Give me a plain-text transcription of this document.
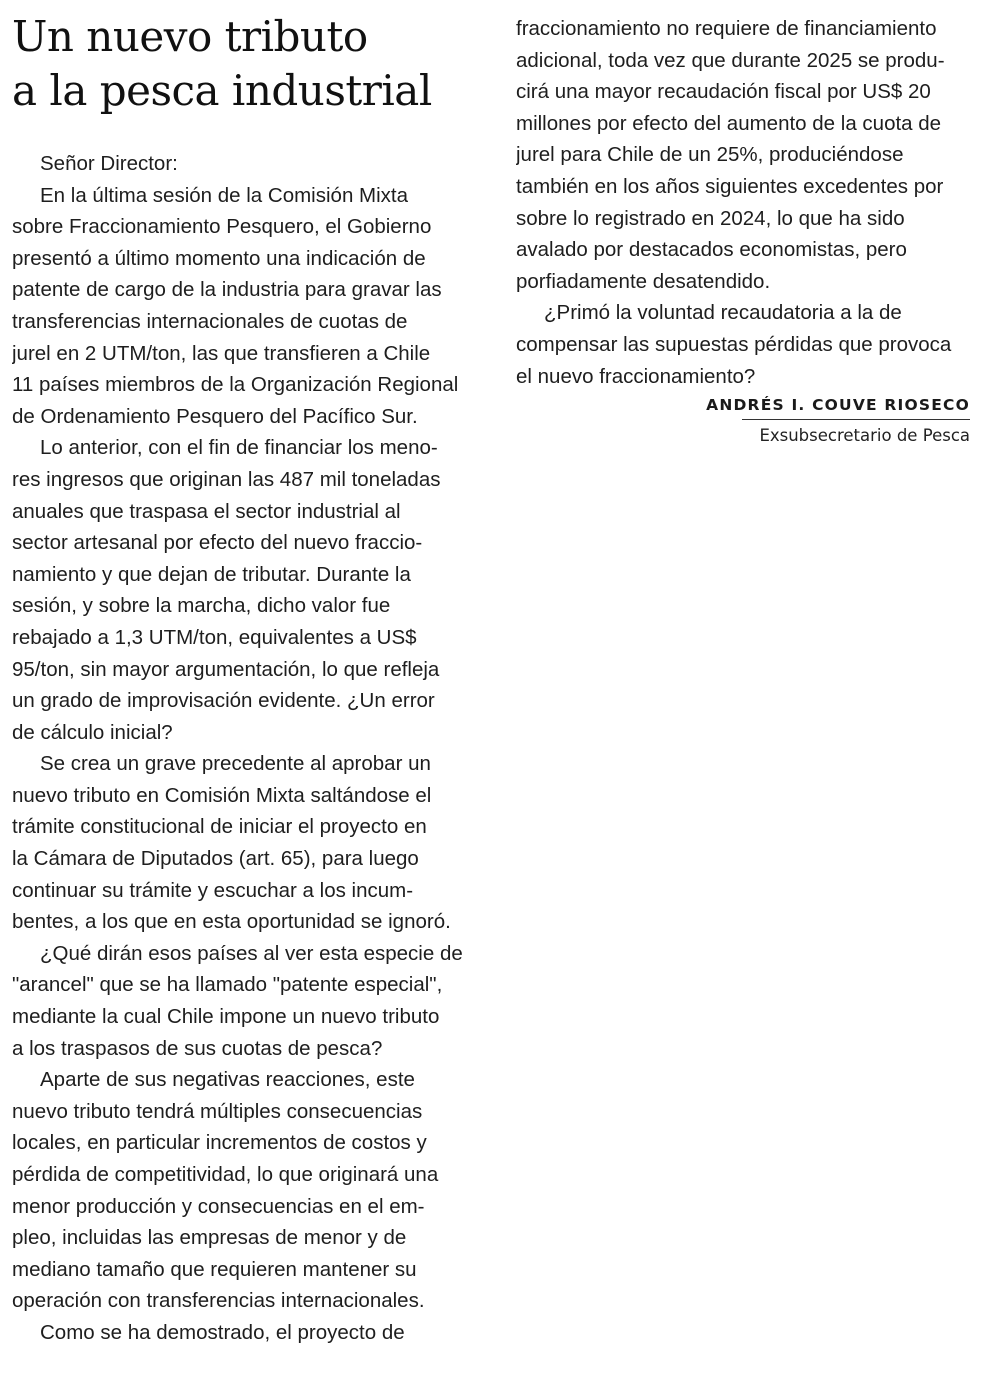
Un nuevo tributo
a la pesca industrial
Señor Director:
En la última sesión de la Comisión Mixta
sobre Fraccionamiento Pesquero, el Gobierno
presentó a último momento una indicación de
patente de cargo de la industria para gravar las
transferencias internacionales de cuotas de
jurel en 2 UTM/ton, las que transfieren a Chile
11 países miembros de la Organización Regional
de Ordenamiento Pesquero del Pacífico Sur.
Lo anterior, con el fin de financiar los meno-
res ingresos que originan las 487 mil toneladas
anuales que traspasa el sector industrial al
sector artesanal por efecto del nuevo fraccio-
namiento y que dejan de tributar. Durante la
sesión, y sobre la marcha, dicho valor fue
rebajado a 1,3 UTM/ton, equivalentes a US$
95/ton, sin mayor argumentación, lo que refleja
un grado de improvisación evidente. ¿Un error
de cálculo inicial?
Se crea un grave precedente al aprobar un
nuevo tributo en Comisión Mixta saltándose el
trámite constitucional de iniciar el proyecto en
la Cámara de Diputados (art. 65), para luego
continuar su trámite y escuchar a los incum-
bentes, a los que en esta oportunidad se ignoró.
¿Qué dirán esos países al ver esta especie de
"arancel" que se ha llamado "patente especial",
mediante la cual Chile impone un nuevo tributo
a los traspasos de sus cuotas de pesca?
Aparte de sus negativas reacciones, este
nuevo tributo tendrá múltiples consecuencias
locales, en particular incrementos de costos y
pérdida de competitividad, lo que originará una
menor producción y consecuencias en el em-
pleo, incluidas las empresas de menor y de
mediano tamaño que requieren mantener su
operación con transferencias internacionales.
Como se ha demostrado, el proyecto de
fraccionamiento no requiere de financiamiento
adicional, toda vez que durante 2025 se produ-
cirá una mayor recaudación fiscal por US$ 20
millones por efecto del aumento de la cuota de
jurel para Chile de un 25%, produciéndose
también en los años siguientes excedentes por
sobre lo registrado en 2024, lo que ha sido
avalado por destacados economistas, pero
porfiadamente desatendido.
¿Primó la voluntad recaudatoria a la de
compensar las supuestas pérdidas que provoca
el nuevo fraccionamiento?
ANDRÉS I. COUVE RIOSECO
Exsubsecretario de Pesca
